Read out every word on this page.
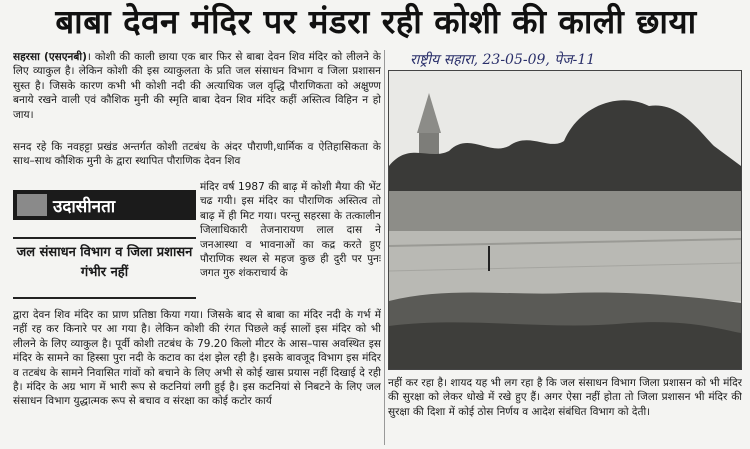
बाबा देवन मंदिर पर मंडरा रही कोशी की काली छाया
सहरसा (एसएनबी)। कोशी की काली छाया एक बार फिर से बाबा देवन शिव मंदिर को लीलने के लिए व्याकुल है। लेकिन कोशी की इस व्याकुलता के प्रति जल संसाधन विभाग व जिला प्रशासन सुस्त है। जिसके कारण कभी भी कोशी नदी की अत्याधिक जल वृद्धि पौराणिकता को अक्षुण्ण बनाये रखने वाली एवं कौशिक मुनी की स्मृति बाबा देवन शिव मंदिर कहीं अस्तित्व विहिन न हो जाय।
सनद रहे कि नवहट्टा प्रखंड अन्तर्गत कोशी तटबंध के अंदर पौराणी,धार्मिक व ऐतिहासिकता के साथ–साथ कौशिक मुनी के द्वारा स्थापित पौराणिक देवन शिव
उदासीनता
जल संसाधन विभाग व जिला प्रशासन गंभीर नहीं
मंदिर वर्ष 1987 की बाढ़ में कोशी मैया की भेंट चढ गयी। इस मंदिर का पौराणिक अस्तित्व तो बाढ़ में ही मिट गया। परन्तु सहरसा के तत्कालीन जिलाधिकारी तेजनारायण लाल दास ने जनआस्था व भावनाओं का कद्र करते हुए पौराणिक स्थल से महज कुछ ही दुरी पर पुनः जगत गुरु शंकराचार्य के
द्वारा देवन शिव मंदिर का प्राण प्रतिष्ठा किया गया। जिसके बाद से बाबा का मंदिर नदी के गर्भ में नहीं रह कर किनारे पर आ गया है। लेकिन कोशी की रंगत पिछले कई सालों इस मंदिर को भी लीलने के लिए व्याकुल है। पूर्वी कोशी तटबंध के 79.20 किलो मीटर के आस–पास अवस्थित इस मंदिर के सामने का हिस्सा पुरा नदी के कटाव का दंश झेल रही है। इसके बावजूद विभाग इस मंदिर व तटबंध के सामने निवासित गांवों को बचाने के लिए अभी से कोई खास प्रयास नहीं दिखाई दे रही है। मंदिर के अग्र भाग में भारी रूप से कटनियां लगी हुई है। इस कटनियां से निबटने के लिए जल संसाधन विभाग युद्धात्मक रूप से बचाव व संरक्षा का कोई कटोर कार्य
राष्ट्रीय सहारा, 23-05-09, पेज-11
नहीं कर रहा है। शायद यह भी लग रहा है कि जल संसाधन विभाग जिला प्रशासन को भी मंदिर की सुरक्षा को लेकर धोखे में रखे हुए हैं। अगर ऐसा नहीं होता तो जिला प्रशासन भी मंदिर की सुरक्षा की दिशा में कोई ठोस निर्णय व आदेश संबंधित विभाग को देती।
